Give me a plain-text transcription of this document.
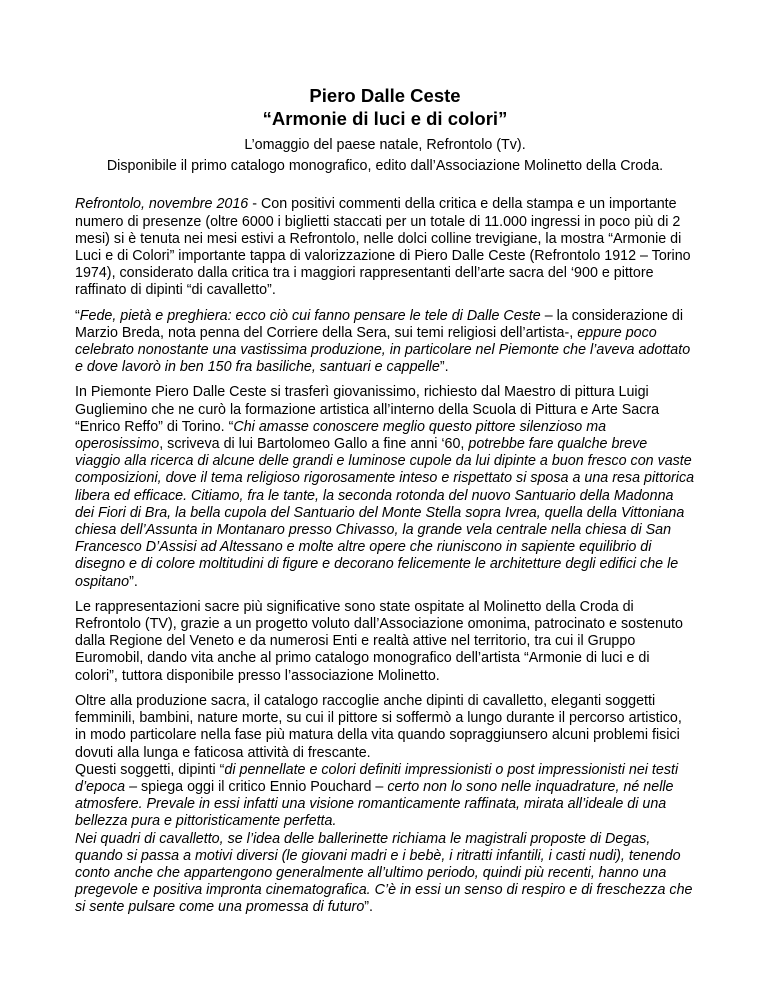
Piero Dalle Ceste

“Armonie di luci e di colori”

L’omaggio del paese natale, Refrontolo (Tv).

Disponibile il primo catalogo monografico, edito dall’Associazione Molinetto della Croda.

Refrontolo, novembre 2016 - Con positivi commenti della critica e della stampa e un importante numero di presenze (oltre 6000 i biglietti staccati per un totale di 11.000 ingressi in poco più di 2 mesi) si è tenuta nei mesi estivi a Refrontolo, nelle dolci colline trevigiane, la mostra “Armonie di Luci e di Colori” importante tappa di valorizzazione di Piero Dalle Ceste (Refrontolo 1912 – Torino 1974), considerato dalla critica tra i maggiori rappresentanti dell’arte sacra del ‘900 e pittore raffinato di dipinti “di cavalletto”.

“Fede, pietà e preghiera: ecco ciò cui fanno pensare le tele di Dalle Ceste – la considerazione di Marzio Breda, nota penna del Corriere della Sera, sui temi religiosi dell’artista-, eppure poco celebrato nonostante una vastissima produzione, in particolare nel Piemonte che l’aveva adottato e dove lavorò in ben 150 fra basiliche, santuari e cappelle”.

In Piemonte Piero Dalle Ceste si trasferì giovanissimo, richiesto dal Maestro di pittura Luigi Gugliemino che ne curò la formazione artistica all’interno della Scuola di Pittura e Arte Sacra “Enrico Reffo” di Torino. “Chi amasse conoscere meglio questo pittore silenzioso ma operosissimo, scriveva di lui Bartolomeo Gallo a fine anni ‘60, potrebbe fare qualche breve viaggio alla ricerca di alcune delle grandi e luminose cupole da lui dipinte a buon fresco con vaste composizioni, dove il tema religioso rigorosamente inteso e rispettato si sposa a una resa pittorica libera ed efficace. Citiamo, fra le tante, la seconda rotonda del nuovo Santuario della Madonna dei Fiori di Bra, la bella cupola del Santuario del Monte Stella sopra Ivrea, quella della Vittoniana chiesa dell’Assunta in Montanaro presso Chivasso, la grande vela centrale nella chiesa di San Francesco D’Assisi ad Altessano e molte altre opere che riuniscono in sapiente equilibrio di disegno e di colore moltitudini di figure e decorano felicemente le architetture degli edifici che le ospitano”.

Le rappresentazioni sacre più significative sono state ospitate al Molinetto della Croda di Refrontolo (TV), grazie a un progetto voluto dall’Associazione omonima, patrocinato e sostenuto dalla Regione del Veneto e da numerosi Enti e realtà attive nel territorio, tra cui il Gruppo Euromobil, dando vita anche al primo catalogo monografico dell’artista “Armonie di luci e di colori”, tuttora disponibile presso l’associazione Molinetto.

Oltre alla produzione sacra, il catalogo raccoglie anche dipinti di cavalletto, eleganti soggetti femminili, bambini, nature morte, su cui il pittore si soffermò a lungo durante il percorso artistico, in modo particolare nella fase più matura della vita quando sopraggiunsero alcuni problemi fisici dovuti alla lunga e faticosa attività di frescante.
Questi soggetti, dipinti “di pennellate e colori definiti impressionisti o post impressionisti nei testi d’epoca – spiega oggi il critico Ennio Pouchard – certo non lo sono nelle inquadrature, né nelle atmosfere. Prevale in essi infatti una visione romanticamente raffinata, mirata all’ideale di una bellezza pura e pittoristicamente perfetta.
Nei quadri di cavalletto, se l’idea delle ballerinette richiama le magistrali proposte di Degas, quando si passa a motivi diversi (le giovani madri e i bebè, i ritratti infantili, i casti nudi), tenendo conto anche che appartengono generalmente all’ultimo periodo, quindi più recenti, hanno una pregevole e positiva impronta cinematografica. C’è in essi un senso di respiro e di freschezza che si sente pulsare come una promessa di futuro”.
